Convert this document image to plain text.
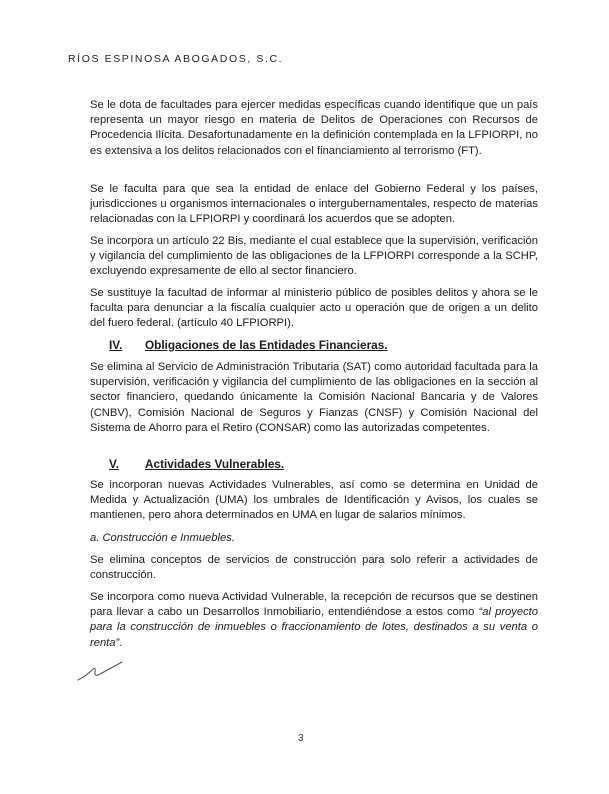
RÍOS ESPINOSA ABOGADOS, S.C.

Se le dota de facultades para ejercer medidas específicas cuando identifique que un país representa un mayor riesgo en materia de Delitos de Operaciones con Recursos de Procedencia Ilícita. Desafortunadamente en la definición contemplada en la LFPIORPI, no es extensiva a los delitos relacionados con el financiamiento al terrorismo (FT).

Se le faculta para que sea la entidad de enlace del Gobierno Federal y los países, jurisdicciones u organismos internacionales o intergubernamentales, respecto de materias relacionadas con la LFPIORPI y coordinará los acuerdos que se adopten.

Se incorpora un artículo 22 Bis, mediante el cual establece que la supervisión, verificación y vigilancia del cumplimiento de las obligaciones de la LFPIORPI corresponde a la SCHP, excluyendo expresamente de ello al sector financiero.

Se sustituye la facultad de informar al ministerio público de posibles delitos y ahora se le faculta para denunciar a la fiscalía cualquier acto u operación que de origen a un delito del fuero federal. (artículo 40 LFPIORPI).

IV.	Obligaciones de las Entidades Financieras.

Se elimina al Servicio de Administración Tributaria (SAT) como autoridad facultada para la supervisión, verificación y vigilancia del cumplimiento de las obligaciones en la sección al sector financiero, quedando únicamente la Comisión Nacional Bancaria y de Valores (CNBV), Comisión Nacional de Seguros y Fianzas (CNSF) y Comisión Nacional del Sistema de Ahorro para el Retiro (CONSAR) como las autorizadas competentes.

V.	Actividades Vulnerables.

Se incorporan nuevas Actividades Vulnerables, así como se determina en Unidad de Medida y Actualización (UMA) los umbrales de Identificación y Avisos, los cuales se mantienen, pero ahora determinados en UMA en lugar de salarios mínimos.

a. Construcción e Inmuebles.

Se elimina conceptos de servicios de construcción para solo referir a actividades de construcción.

Se incorpora como nueva Actividad Vulnerable, la recepción de recursos que se destinen para llevar a cabo un Desarrollos Inmobiliario, entendiéndose a estos como “al proyecto para la construcción de inmuebles o fraccionamiento de lotes, destinados a su venta o renta”.

3
